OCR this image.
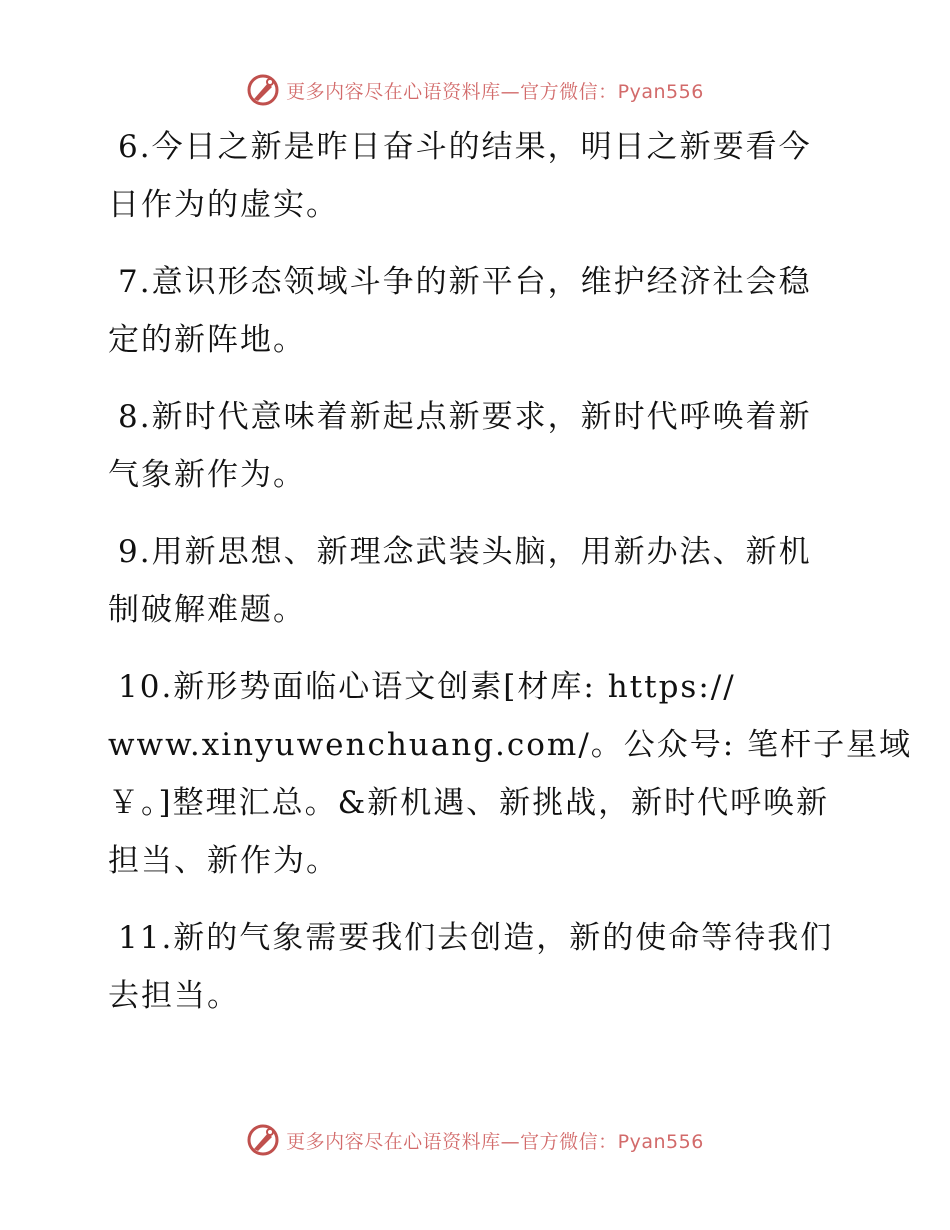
更多内容尽在心语资料库—官方微信：Pyan556

6.今日之新是昨日奋斗的结果，明日之新要看今
日作为的虚实。

7.意识形态领域斗争的新平台，维护经济社会稳
定的新阵地。

8.新时代意味着新起点新要求，新时代呼唤着新
气象新作为。

9.用新思想、新理念武装头脑，用新办法、新机
制破解难题。

10.新形势面临心语文创素[材库: https://
www.xinyuwenchuang.com/。公众号: 笔杆子星域
￥。]整理汇总。&新机遇、新挑战，新时代呼唤新
担当、新作为。

11.新的气象需要我们去创造，新的使命等待我们
去担当。

更多内容尽在心语资料库—官方微信：Pyan556
